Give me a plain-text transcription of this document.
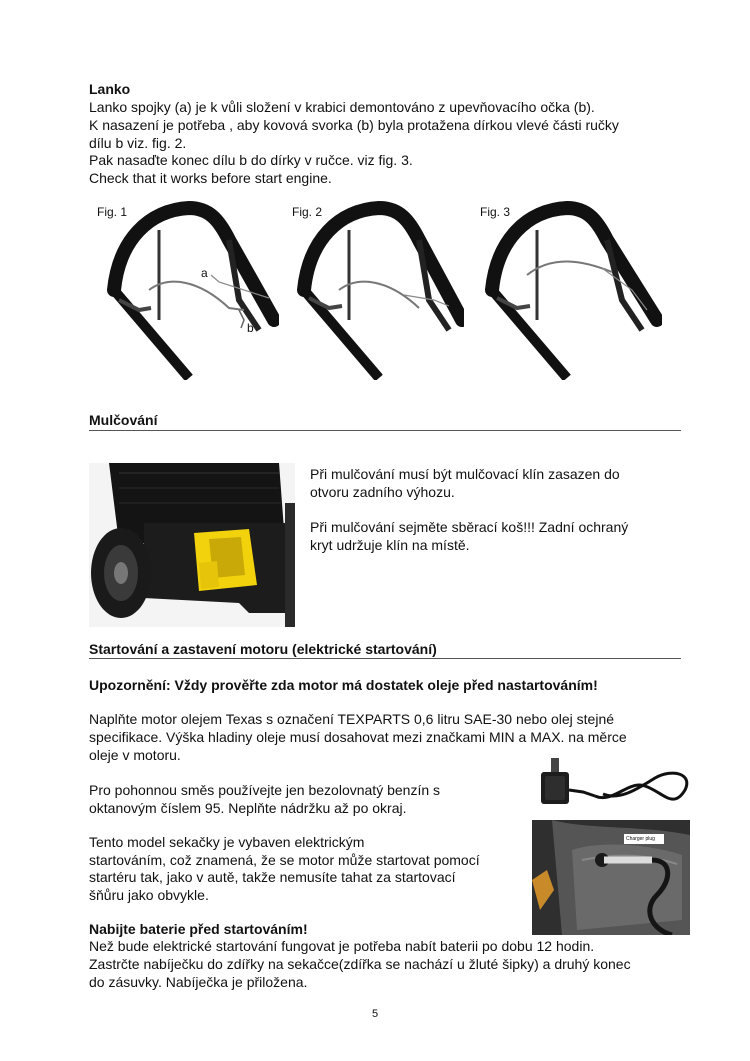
Lanko
Lanko spojky (a) je k vůli složení v krabici demontováno z upevňovacího očka (b).
K nasazení je potřeba , aby kovová svorka (b) byla protažena dírkou vlevé části ručky
dílu b viz. fig. 2.
Pak nasaďte konec dílu b do dírky v ručce. viz fig. 3.
Check that it works before start engine.
Fig. 1
a
b
Fig. 2	Fig. 3
Mulčování
Při mulčování musí být mulčovací klín zasazen do
otvoru zadního výhozu.
Při mulčování sejměte sběrací koš!!! Zadní ochraný
kryt udržuje klín na místě.
Startování a zastavení motoru (elektrické startování)
Upozornění: Vždy prověřte zda motor má dostatek oleje před nastartováním!
Naplňte motor olejem Texas s označení TEXPARTS 0,6 litru SAE-30 nebo olej stejné
specifikace. Výška hladiny oleje musí dosahovat mezi značkami MIN a MAX. na měrce
oleje v motoru.
Pro pohonnou směs používejte jen bezolovnatý benzín s
oktanovým číslem 95. Neplňte nádržku až po okraj.
Charger plug
Tento model sekačky je vybaven elektrickým
startováním, což znamená, že se motor může startovat pomocí
startéru tak, jako v autě, takže nemusíte tahat za startovací
šňůru jako obvykle.
Nabijte baterie před startováním!
Než bude elektrické startování fungovat je potřeba nabít baterii po dobu 12 hodin.
Zastrčte nabíječku do zdířky na sekačce(zdířka se nachází u žluté šipky) a druhý konec
do zásuvky. Nabíječka je přiložena.
5
